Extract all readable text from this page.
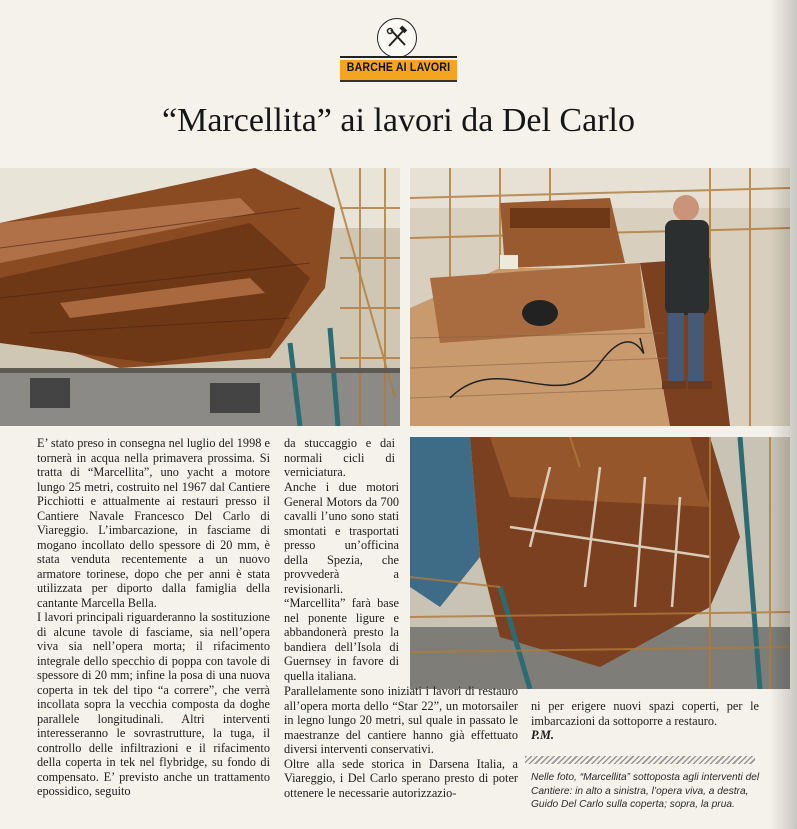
BARCHE AI LAVORI
“Marcellita” ai lavori da Del Carlo

E’ stato preso in consegna nel luglio del 1998 e tornerà in acqua nella primavera prossima. Si tratta di “Marcellita”, uno yacht a motore lungo 25 metri, costruito nel 1967 dal Cantiere Picchiotti e attualmente ai restauri presso il Cantiere Navale Francesco Del Carlo di Viareggio. L’imbarcazione, in fasciame di mogano incollato dello spessore di 20 mm, è stata venduta recentemente a un nuovo armatore torinese, dopo che per anni è stata utilizzata per diporto dalla famiglia della cantante Marcella Bella.

I lavori principali riguarderanno la sostituzione di alcune tavole di fasciame, sia nell’opera viva sia nell’opera morta; il rifacimento integrale dello specchio di poppa con tavole di spessore di 20 mm; infine la posa di una nuova coperta in tek del tipo “a correre”, che verrà incollata sopra la vecchia composta da doghe parallele longitudinali. Altri interventi interesseranno le sovrastrutture, la tuga, il controllo delle infiltrazioni e il rifacimento della coperta in tek nel flybridge, su fondo di compensato. E’ previsto anche un trattamento epossidico, seguito

da stuccaggio e dai normali cicli di verniciatura.

Anche i due motori General Motors da 700 cavalli l’uno sono stati smontati e trasportati presso un’officina della Spezia, che provvederà a revisionarli. “Marcellita” farà base nel ponente ligure e abbandonerà presto la bandiera dell’Isola di Guernsey in favore di quella italiana.

Parallelamente sono iniziati i lavori di restauro all’opera morta dello “Star 22”, un motorsailer in legno lungo 20 metri, sul quale in passato le maestranze del cantiere hanno già effettuato diversi interventi conservativi.

Oltre alla sede storica in Darsena Italia, a Viareggio, i Del Carlo sperano presto di poter ottenere le necessarie autorizzazio-

ni per erigere nuovi spazi coperti, per le imbarcazioni da sottoporre a restauro.

P.M.

Nelle foto, “Marcellita” sottoposta agli interventi del Cantiere: in alto a sinistra, l’opera viva, a destra, Guido Del Carlo sulla coperta; sopra, la prua.
